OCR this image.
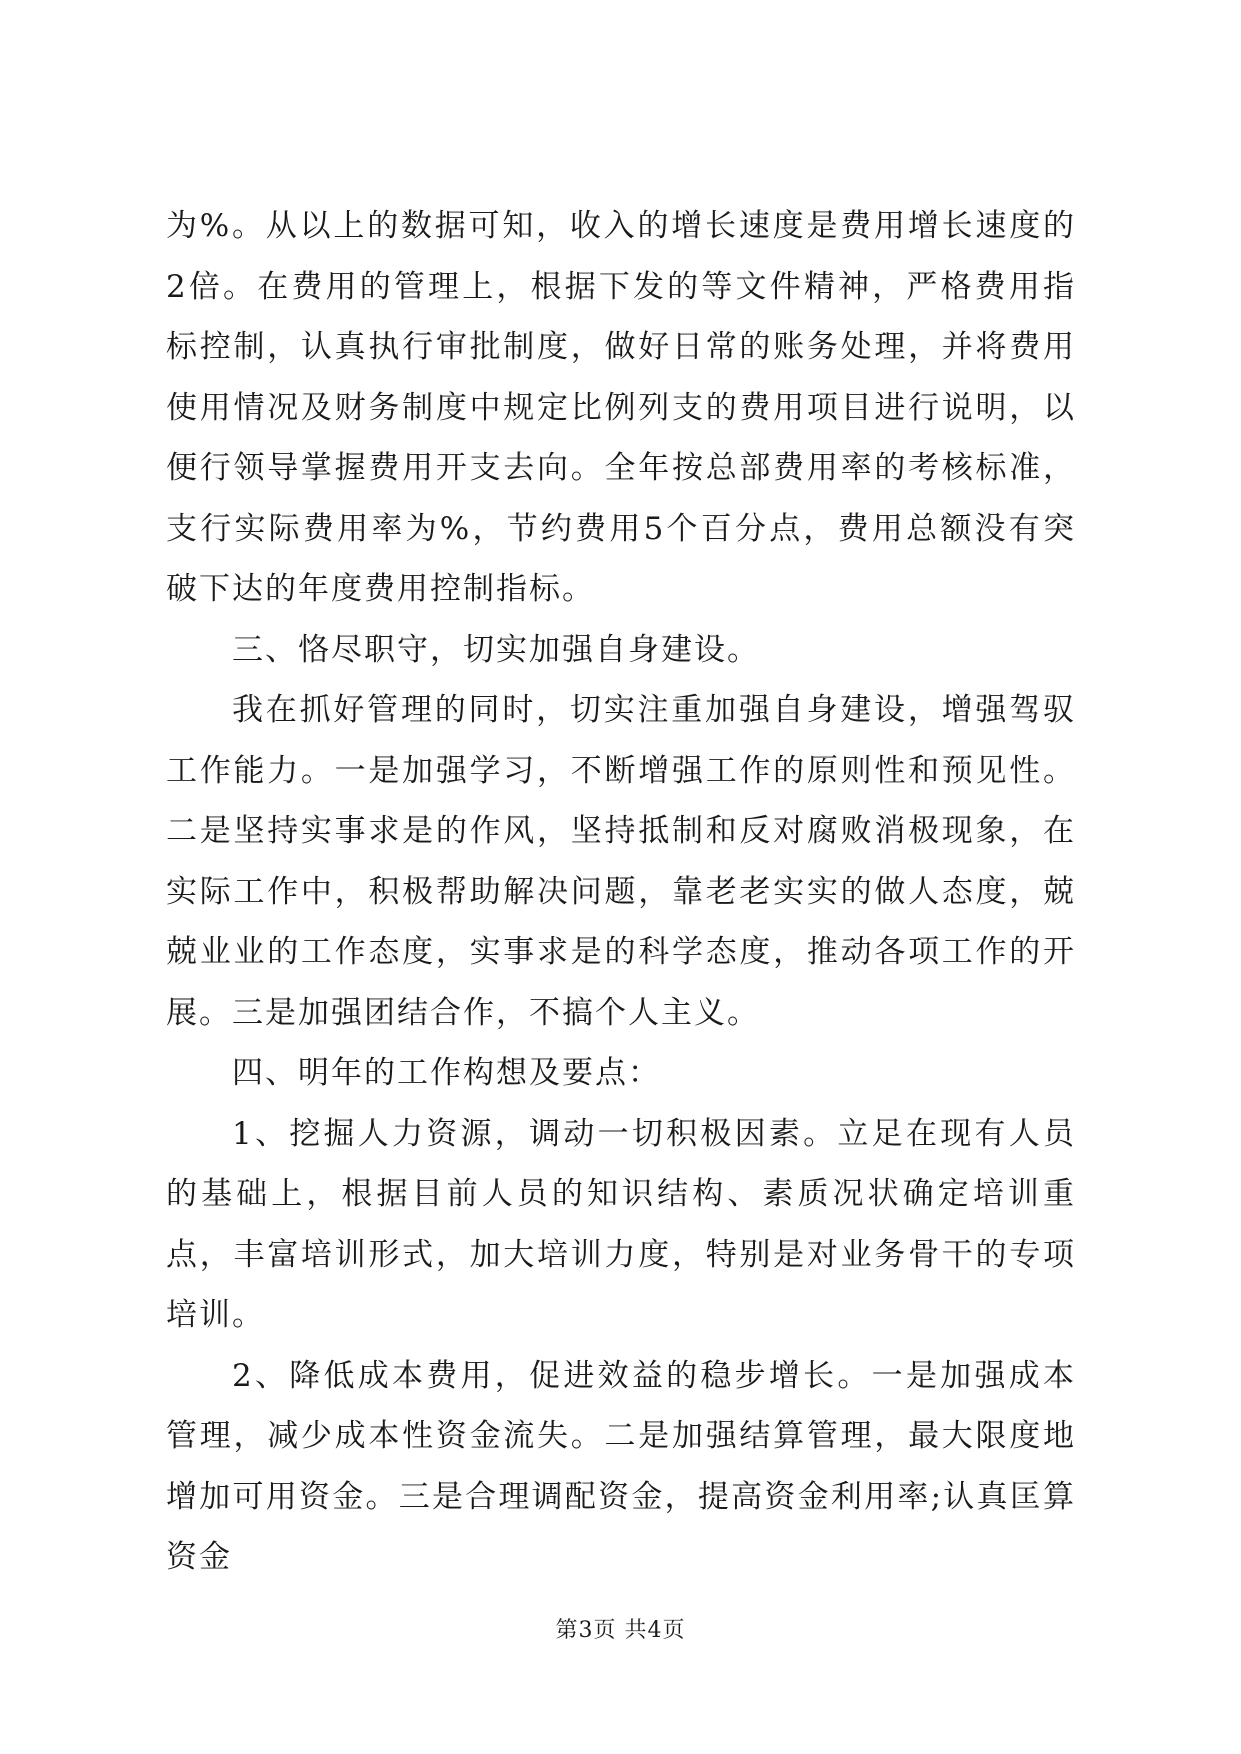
为%。从以上的数据可知，收入的增长速度是费用增长速度的2倍。在费用的管理上，根据下发的等文件精神，严格费用指标控制，认真执行审批制度，做好日常的账务处理，并将费用使用情况及财务制度中规定比例列支的费用项目进行说明，以便行领导掌握费用开支去向。全年按总部费用率的考核标准，支行实际费用率为%，节约费用5个百分点，费用总额没有突破下达的年度费用控制指标。

三、恪尽职守，切实加强自身建设。

我在抓好管理的同时，切实注重加强自身建设，增强驾驭工作能力。一是加强学习，不断增强工作的原则性和预见性。二是坚持实事求是的作风，坚持抵制和反对腐败消极现象，在实际工作中，积极帮助解决问题，靠老老实实的做人态度，兢兢业业的工作态度，实事求是的科学态度，推动各项工作的开展。三是加强团结合作，不搞个人主义。

四、明年的工作构想及要点：

1、挖掘人力资源，调动一切积极因素。立足在现有人员的基础上，根据目前人员的知识结构、素质况状确定培训重点，丰富培训形式，加大培训力度，特别是对业务骨干的专项培训。

2、降低成本费用，促进效益的稳步增长。一是加强成本管理，减少成本性资金流失。二是加强结算管理，最大限度地增加可用资金。三是合理调配资金，提高资金利用率;认真匡算资金

第3页 共4页
